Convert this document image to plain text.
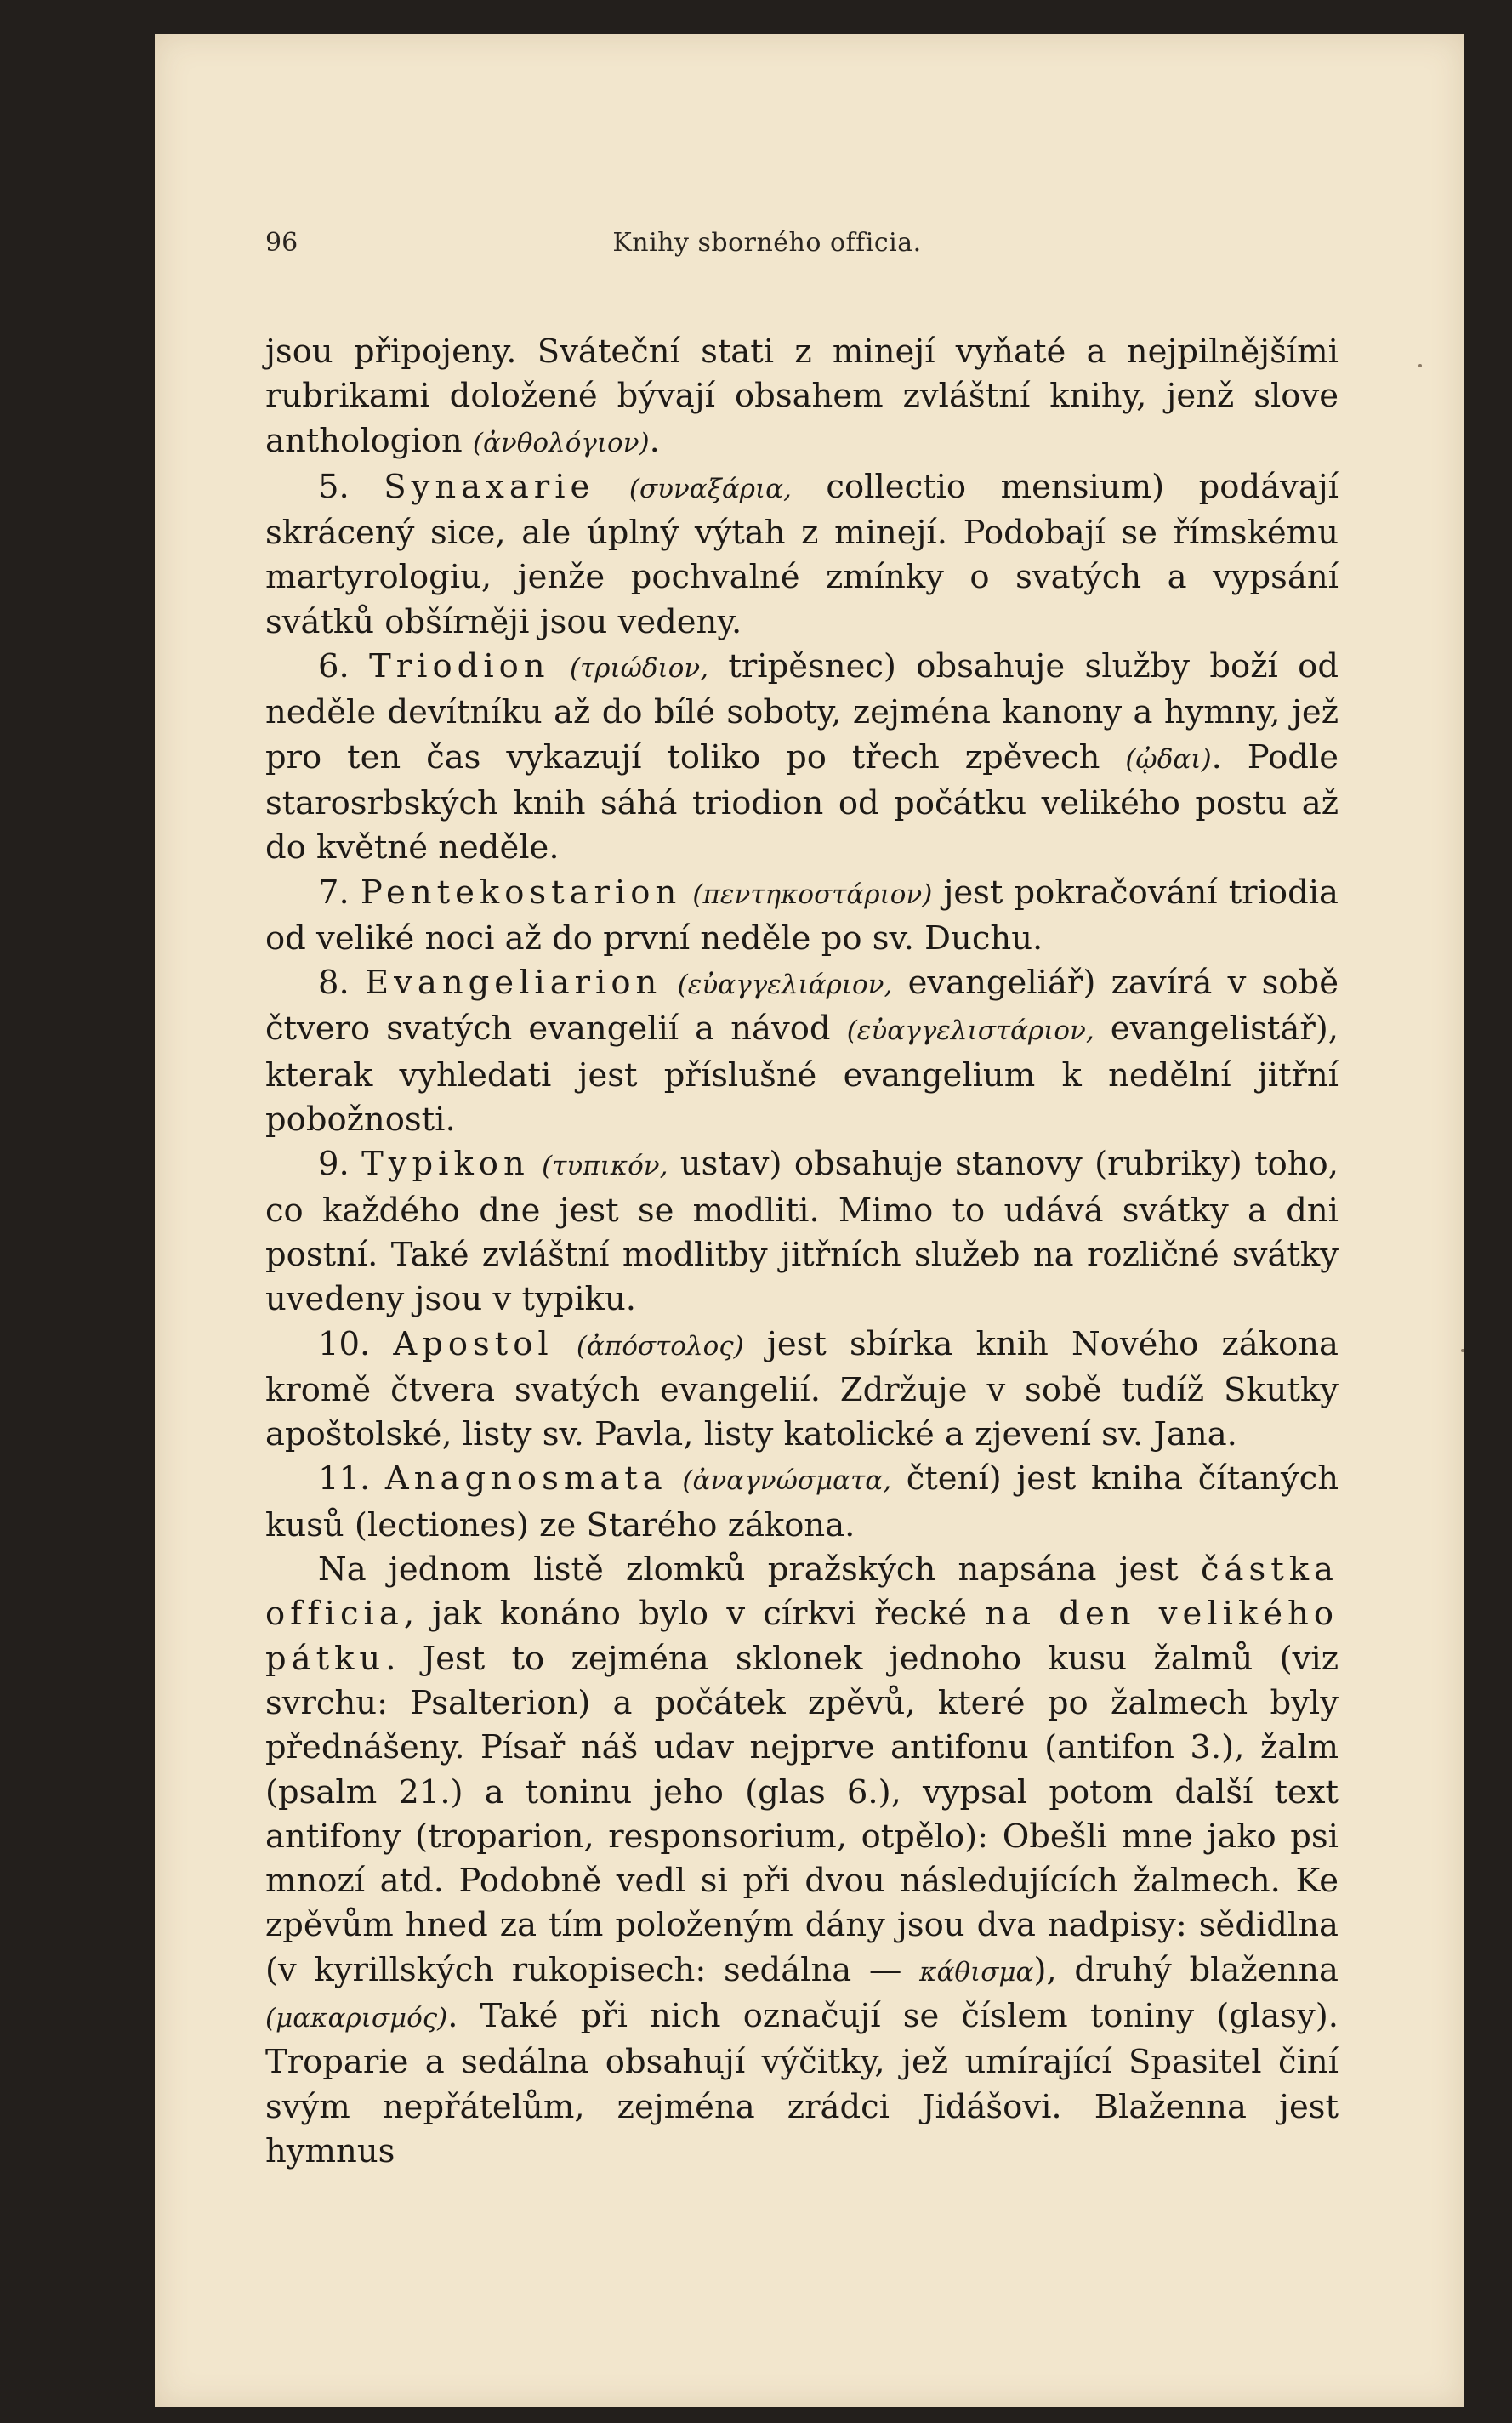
96	Knihy sborného officia.

jsou připojeny. Sváteční stati z minejí vyňaté a nejpilnějšími rubrikami doložené bývají obsahem zvláštní knihy, jenž slove anthologion (ἀνθολόγιον).

5. Synaxarie (συναξάρια, collectio mensium) podávají skrácený sice, ale úplný výtah z minejí. Podobají se římskému martyrologiu, jenže pochvalné zmínky o svatých a vypsání svátků obšírněji jsou vedeny.

6. Triodion (τριώδιον, tripěsnec) obsahuje služby boží od neděle devítníku až do bílé soboty, zejména kanony a hymny, jež pro ten čas vykazují toliko po třech zpěvech (ᾠδαι). Podle starosrbských knih sáhá triodion od počátku velikého postu až do květné neděle.

7. Pentekostarion (πεντηκοστάριον) jest pokračování triodia od veliké noci až do první neděle po sv. Duchu.

8. Evangeliarion (εὐαγγελιάριον, evangeliář) zavírá v sobě čtvero svatých evangelií a návod (εὐαγγελιστάριον, evangelistář), kterak vyhledati jest příslušné evangelium k nedělní jitřní pobožnosti.

9. Typikon (τυπικόν, ustav) obsahuje stanovy (rubriky) toho, co každého dne jest se modliti. Mimo to udává svátky a dni postní. Také zvláštní modlitby jitřních služeb na rozličné svátky uvedeny jsou v typiku.

10. Apostol (ἀπόστολος) jest sbírka knih Nového zákona kromě čtvera svatých evangelií. Zdržuje v sobě tudíž Skutky apoštolské, listy sv. Pavla, listy katolické a zjevení sv. Jana.

11. Anagnosmata (ἀναγνώσματα, čtení) jest kniha čítaných kusů (lectiones) ze Starého zákona.

Na jednom listě zlomků pražských napsána jest částka officia, jak konáno bylo v církvi řecké na den velikého pátku. Jest to zejména sklonek jednoho kusu žalmů (viz svrchu: Psalterion) a počátek zpěvů, které po žalmech byly přednášeny. Písař náš udav nejprve antifonu (antifon 3.), žalm (psalm 21.) a toninu jeho (glas 6.), vypsal potom další text antifony (troparion, responsorium, otpělo): Obešli mne jako psi mnozí atd. Podobně vedl si při dvou následujících žalmech. Ke zpěvům hned za tím položeným dány jsou dva nadpisy: sědidlna (v kyrillských rukopisech: sedálna — κάθισμα), druhý blaženna (μακαρισμός). Také při nich označují se číslem toniny (glasy). Troparie a sedálna obsahují výčitky, jež umírající Spasitel činí svým nepřátelům, zejména zrádci Jidášovi. Blaženna jest hymnus
